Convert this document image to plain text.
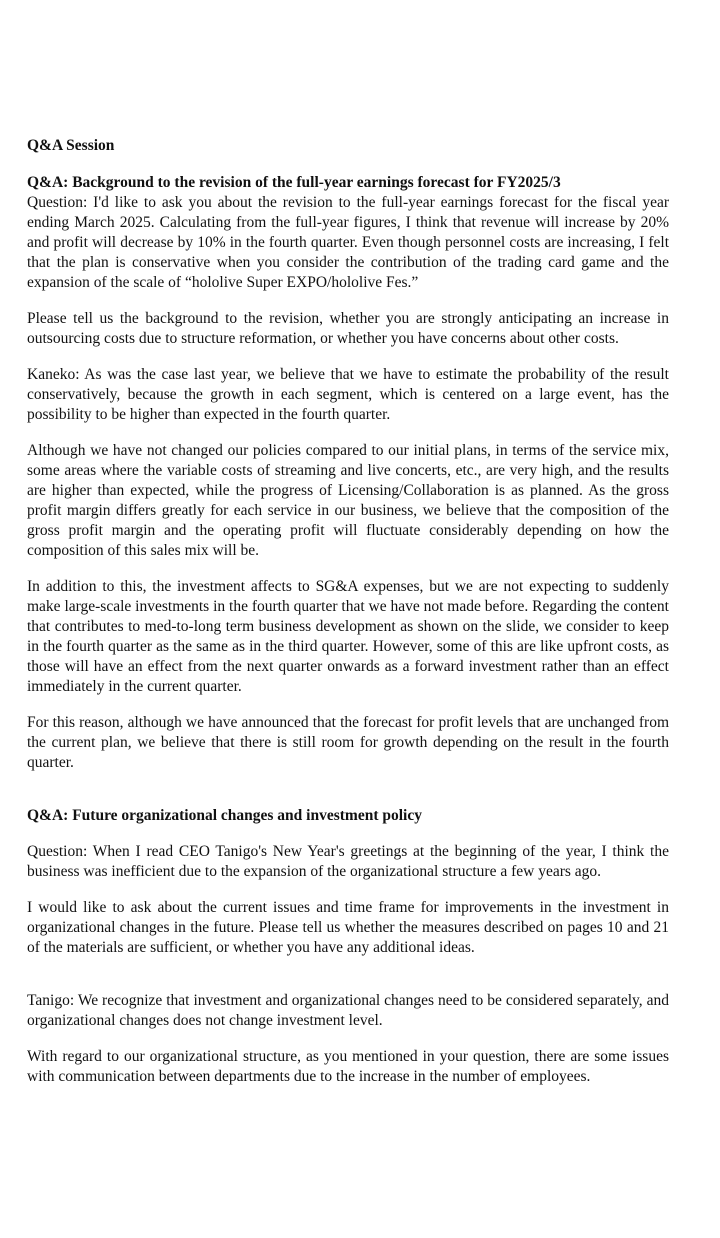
Q&A Session
Q&A: Background to the revision of the full-year earnings forecast for FY2025/3

Question: I'd like to ask you about the revision to the full-year earnings forecast for the fiscal year ending March 2025. Calculating from the full-year figures, I think that revenue will increase by 20% and profit will decrease by 10% in the fourth quarter. Even though personnel costs are increasing, I felt that the plan is conservative when you consider the contribution of the trading card game and the expansion of the scale of “hololive Super EXPO/hololive Fes.”

Please tell us the background to the revision, whether you are strongly anticipating an increase in outsourcing costs due to structure reformation, or whether you have concerns about other costs.

Kaneko: As was the case last year, we believe that we have to estimate the probability of the result conservatively, because the growth in each segment, which is centered on a large event, has the possibility to be higher than expected in the fourth quarter.

Although we have not changed our policies compared to our initial plans, in terms of the service mix, some areas where the variable costs of streaming and live concerts, etc., are very high, and the results are higher than expected, while the progress of Licensing/Collaboration is as planned. As the gross profit margin differs greatly for each service in our business, we believe that the composition of the gross profit margin and the operating profit will fluctuate considerably depending on how the composition of this sales mix will be.

In addition to this, the investment affects to SG&A expenses, but we are not expecting to suddenly make large-scale investments in the fourth quarter that we have not made before. Regarding the content that contributes to med-to-long term business development as shown on the slide, we consider to keep in the fourth quarter as the same as in the third quarter. However, some of this are like upfront costs, as those will have an effect from the next quarter onwards as a forward investment rather than an effect immediately in the current quarter.

For this reason, although we have announced that the forecast for profit levels that are unchanged from the current plan, we believe that there is still room for growth depending on the result in the fourth quarter.

Q&A: Future organizational changes and investment policy

Question: When I read CEO Tanigo's New Year's greetings at the beginning of the year, I think the business was inefficient due to the expansion of the organizational structure a few years ago.

I would like to ask about the current issues and time frame for improvements in the investment in organizational changes in the future. Please tell us whether the measures described on pages 10 and 21 of the materials are sufficient, or whether you have any additional ideas.

Tanigo: We recognize that investment and organizational changes need to be considered separately, and organizational changes does not change investment level.

With regard to our organizational structure, as you mentioned in your question, there are some issues with communication between departments due to the increase in the number of employees.
